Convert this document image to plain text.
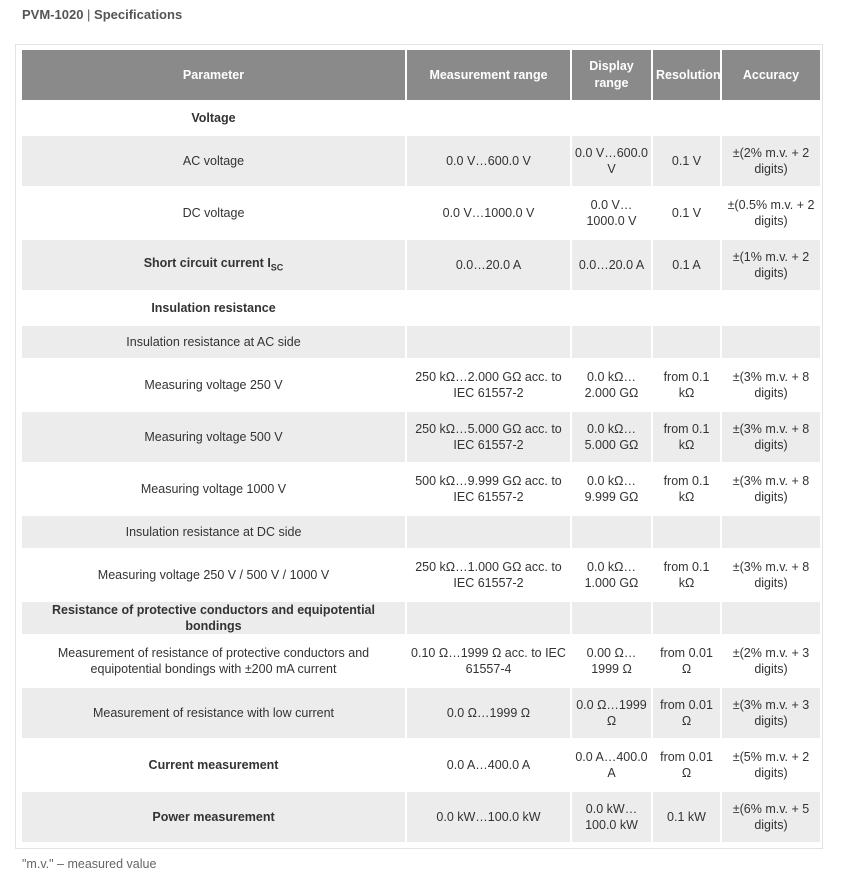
PVM-1020 | Specifications
Parameter	Measurement range	Display range	Resolution	Accuracy
Voltage				
AC voltage	0.0 V…600.0 V	0.0 V…600.0 V	0.1 V	±(2% m.v. + 2 digits)
DC voltage	0.0 V…1000.0 V	0.0 V…1000.0 V	0.1 V	±(0.5% m.v. + 2 digits)
Short circuit current $I_{SC}$	0.0…20.0 A	0.0…20.0 A	0.1 A	±(1% m.v. + 2 digits)
Insulation resistance				
Insulation resistance at AC side				
Measuring voltage 250 V	250 kΩ…2.000 GΩ acc. to IEC 61557-2	0.0 kΩ…2.000 GΩ	from 0.1 kΩ	±(3% m.v. + 8 digits)
Measuring voltage 500 V	250 kΩ…5.000 GΩ acc. to IEC 61557-2	0.0 kΩ…5.000 GΩ	from 0.1 kΩ	±(3% m.v. + 8 digits)
Measuring voltage 1000 V	500 kΩ…9.999 GΩ acc. to IEC 61557-2	0.0 kΩ…9.999 GΩ	from 0.1 kΩ	±(3% m.v. + 8 digits)
Insulation resistance at DC side				
Measuring voltage 250 V / 500 V / 1000 V	250 kΩ…1.000 GΩ acc. to IEC 61557-2	0.0 kΩ…1.000 GΩ	from 0.1 kΩ	±(3% m.v. + 8 digits)
Resistance of protective conductors and equipotential bondings				
Measurement of resistance of protective conductors and equipotential bondings with ±200 mA current	0.10 Ω…1999 Ω acc. to IEC 61557-4	0.00 Ω…1999 Ω	from 0.01 Ω	±(2% m.v. + 3 digits)
Measurement of resistance with low current	0.0 Ω…1999 Ω	0.0 Ω…1999 Ω	from 0.01 Ω	±(3% m.v. + 3 digits)
Current measurement	0.0 A…400.0 A	0.0 A…400.0 A	from 0.01 Ω	±(5% m.v. + 2 digits)
Power measurement	0.0 kW…100.0 kW	0.0 kW…100.0 kW	0.1 kW	±(6% m.v. + 5 digits)
"m.v." – measured value
